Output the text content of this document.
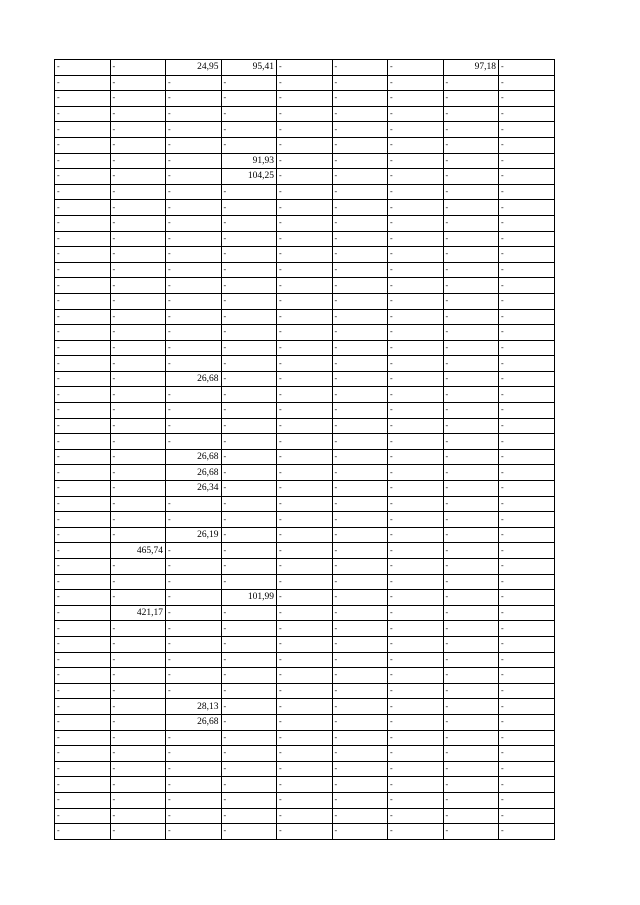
-	-	24,95	95,41	-	-	-	97,18	-
-	-	-	-	-	-	-	-	-
-	-	-	-	-	-	-	-	-
-	-	-	-	-	-	-	-	-
-	-	-	-	-	-	-	-	-
-	-	-	-	-	-	-	-	-
-	-	-	91,93	-	-	-	-	-
-	-	-	104,25	-	-	-	-	-
-	-	-	-	-	-	-	-	-
-	-	-	-	-	-	-	-	-
-	-	-	-	-	-	-	-	-
-	-	-	-	-	-	-	-	-
-	-	-	-	-	-	-	-	-
-	-	-	-	-	-	-	-	-
-	-	-	-	-	-	-	-	-
-	-	-	-	-	-	-	-	-
-	-	-	-	-	-	-	-	-
-	-	-	-	-	-	-	-	-
-	-	-	-	-	-	-	-	-
-	-	-	-	-	-	-	-	-
-	-	26,68	-	-	-	-	-	-
-	-	-	-	-	-	-	-	-
-	-	-	-	-	-	-	-	-
-	-	-	-	-	-	-	-	-
-	-	-	-	-	-	-	-	-
-	-	26,68	-	-	-	-	-	-
-	-	26,68	-	-	-	-	-	-
-	-	26,34	-	-	-	-	-	-
-	-	-	-	-	-	-	-	-
-	-	-	-	-	-	-	-	-
-	-	26,19	-	-	-	-	-	-
-	465,74	-	-	-	-	-	-	-
-	-	-	-	-	-	-	-	-
-	-	-	-	-	-	-	-	-
-	-	-	101,99	-	-	-	-	-
-	421,17	-	-	-	-	-	-	-
-	-	-	-	-	-	-	-	-
-	-	-	-	-	-	-	-	-
-	-	-	-	-	-	-	-	-
-	-	-	-	-	-	-	-	-
-	-	-	-	-	-	-	-	-
-	-	28,13	-	-	-	-	-	-
-	-	26,68	-	-	-	-	-	-
-	-	-	-	-	-	-	-	-
-	-	-	-	-	-	-	-	-
-	-	-	-	-	-	-	-	-
-	-	-	-	-	-	-	-	-
-	-	-	-	-	-	-	-	-
-	-	-	-	-	-	-	-	-
-	-	-	-	-	-	-	-	-
